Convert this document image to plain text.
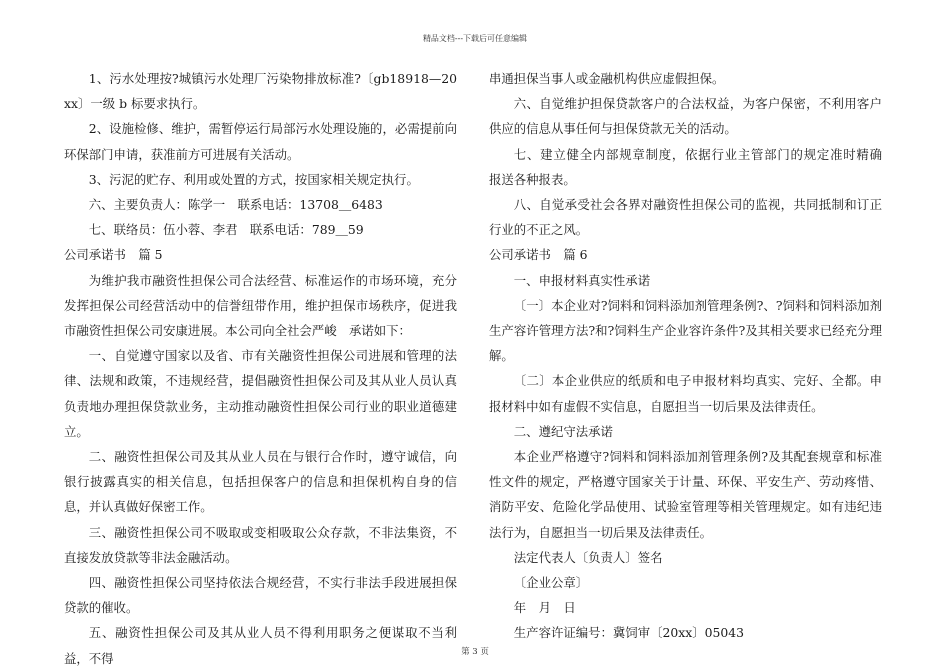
精品文档---下载后可任意编辑

1、污水处理按?城镇污水处理厂污染物排放标准?〔gb18918—20xx〕一级 b 标要求执行。

2、设施检修、维护，需暂停运行局部污水处理设施的，必需提前向环保部门申请，获准前方可进展有关活动。

3、污泥的贮存、利用或处置的方式，按国家相关规定执行。

六、主要负责人：陈学一　联系电话：13708＿6483

七、联络员：伍小蓉、李君　联系电话：789＿59

公司承诺书　篇 5

为维护我市融资性担保公司合法经营、标准运作的市场环境，充分发挥担保公司经营活动中的信誉纽带作用，维护担保市场秩序，促进我市融资性担保公司安康进展。本公司向全社会严峻　承诺如下：

一、自觉遵守国家以及省、市有关融资性担保公司进展和管理的法律、法规和政策，不违规经营，提倡融资性担保公司及其从业人员认真负责地办理担保贷款业务，主动推动融资性担保公司行业的职业道德建立。

二、融资性担保公司及其从业人员在与银行合作时，遵守诚信，向银行披露真实的相关信息，包括担保客户的信息和担保机构自身的信息，并认真做好保密工作。

三、融资性担保公司不吸取或变相吸取公众存款，不非法集资，不直接发放贷款等非法金融活动。

四、融资性担保公司坚持依法合规经营，不实行非法手段进展担保贷款的催收。

五、融资性担保公司及其从业人员不得利用职务之便谋取不当利益，不得

串通担保当事人或金融机构供应虚假担保。

六、自觉维护担保贷款客户的合法权益，为客户保密，不利用客户供应的信息从事任何与担保贷款无关的活动。

七、建立健全内部规章制度，依据行业主管部门的规定准时精确　　　报送各种报表。

八、自觉承受社会各界对融资性担保公司的监视，共同抵制和订正行业的不正之风。

公司承诺书　篇 6

一、申报材料真实性承诺

〔一〕本企业对?饲料和饲料添加剂管理条例?、?饲料和饲料添加剂生产容许管理方法?和?饲料生产企业容许条件?及其相关要求已经充分理解。

〔二〕本企业供应的纸质和电子申报材料均真实、完好、全都。申报材料中如有虚假不实信息，自愿担当一切后果及法律责任。

二、遵纪守法承诺

本企业严格遵守?饲料和饲料添加剂管理条例?及其配套规章和标准性文件的规定，严格遵守国家关于计量、环保、平安生产、劳动疼惜、消防平安、危险化学品使用、试验室管理等相关管理规定。如有违纪违法行为，自愿担当一切后果及法律责任。

法定代表人〔负责人〕签名

〔企业公章〕

年　月　日

生产容许证编号：冀饲审〔20xx〕05043

第 3 页
